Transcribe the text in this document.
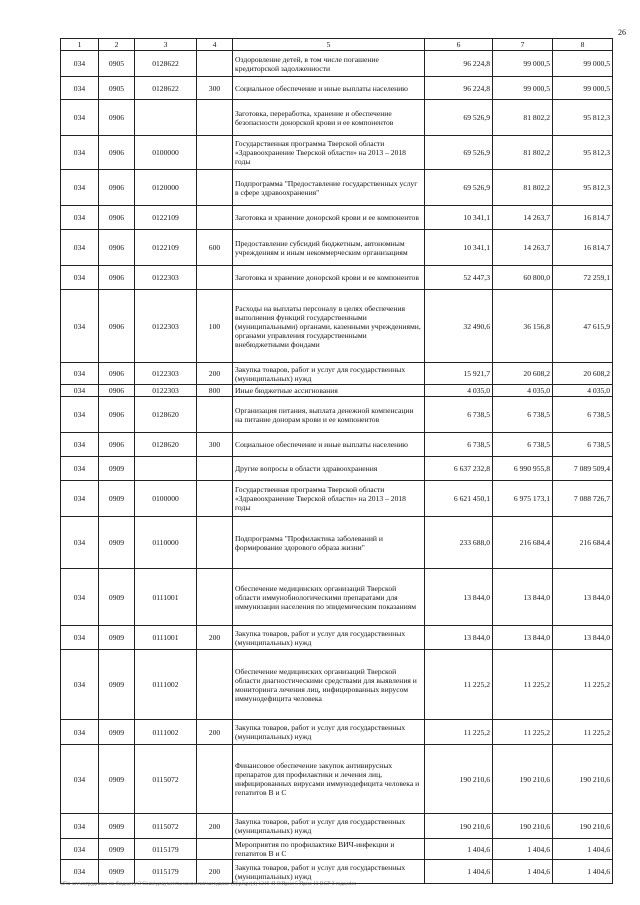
26
1	2	3	4	5	6	7	8
034	0905	0128622		Оздоровление детей, в том числе погашение кредиторской задолженности	96 224,8	99 000,5	99 000,5
034	0905	0128622	300	Социальное обеспечение и иные выплаты населению	96 224,8	99 000,5	99 000,5
034	0906			Заготовка, переработка, хранение и обеспечение безопасности донорской крови и ее компонентов	69 526,9	81 802,2	95 812,3
034	0906	0100000		Государственная программа Тверской области «Здравоохранение Тверской области» на 2013 – 2018 годы	69 526,9	81 802,2	95 812,3
034	0906	0120000		Подпрограмма "Предоставление государственных услуг в сфере здравоохранения"	69 526,9	81 802,2	95 812,3
034	0906	0122109		Заготовка и хранение донорской крови и ее компонентов	10 341,1	14 263,7	16 814,7
034	0906	0122109	600	Предоставление субсидий бюджетным, автономным учреждениям и иным некоммерческим организациям	10 341,1	14 263,7	16 814,7
034	0906	0122303		Заготовка и хранение донорской крови и ее компонентов	52 447,3	60 800,0	72 259,1
034	0906	0122303	100	Расходы на выплаты персоналу в целях обеспечения выполнения функций государственными (муниципальными) органами, казенными учреждениями, органами управления государственными внебюджетными фондами	32 490,6	36 156,8	47 615,9
034	0906	0122303	200	Закупка товаров, работ и услуг для государственных (муниципальных) нужд	15 921,7	20 608,2	20 608,2
034	0906	0122303	800	Иные бюджетные ассигнования	4 035,0	4 035,0	4 035,0
034	0906	0128620		Организация питания, выплата денежной компенсации на питание донорам крови и ее компонентов	6 738,5	6 738,5	6 738,5
034	0906	0128620	300	Социальное обеспечение и иные выплаты населению	6 738,5	6 738,5	6 738,5
034	0909			Другие вопросы в области здравоохранения	6 637 232,8	6 990 955,8	7 089 509,4
034	0909	0100000		Государственная программа Тверской области «Здравоохранение Тверской области» на 2013 – 2018 годы	6 621 450,1	6 975 173,1	7 088 726,7
034	0909	0110000		Подпрограмма "Профилактика заболеваний и формирование здорового образа жизни"	233 688,0	216 684,4	216 684,4
034	0909	0111001		Обеспечение медицинских организаций Тверской области иммунобиологическими препаратами для иммунизации населения по эпидемическим показаниям	13 844,0	13 844,0	13 844,0
034	0909	0111001	200	Закупка товаров, работ и услуг для государственных (муниципальных) нужд	13 844,0	13 844,0	13 844,0
034	0909	0111002		Обеспечение медицинских организаций Тверской области диагностическими средствами для выявления и мониторинга лечения лиц, инфицированных вирусом иммунодефицита человека	11 225,2	11 225,2	11 225,2
034	0909	0111002	200	Закупка товаров, работ и услуг для государственных (муниципальных) нужд	11 225,2	11 225,2	11 225,2
034	0909	0115072		Финансовое обеспечение закупок антивирусных препаратов для профилактики и лечения лиц, инфицированных вирусами иммунодефицита человека и гепатитов В и С	190 210,6	190 210,6	190 210,6
034	0909	0115072	200	Закупка товаров, работ и услуг для государственных (муниципальных) нужд	190 210,6	190 210,6	190 210,6
034	0909	0115179		Мероприятия по профилактике ВИЧ-инфекции и гепатитов В и С	1 404,6	1 404,6	1 404,6
034	0909	0115179	200	Закупка товаров, работ и услуг для государственных (муниципальных) нужд	1 404,6	1 404,6	1 404,6
\\Fin-srv\сотрудники по бюджету\3 Совм\документы комиссия\заседание (9)\prapr(4) 1219-П-8\Прил 5 Прил 13 ВСР 3 года.xlsx
